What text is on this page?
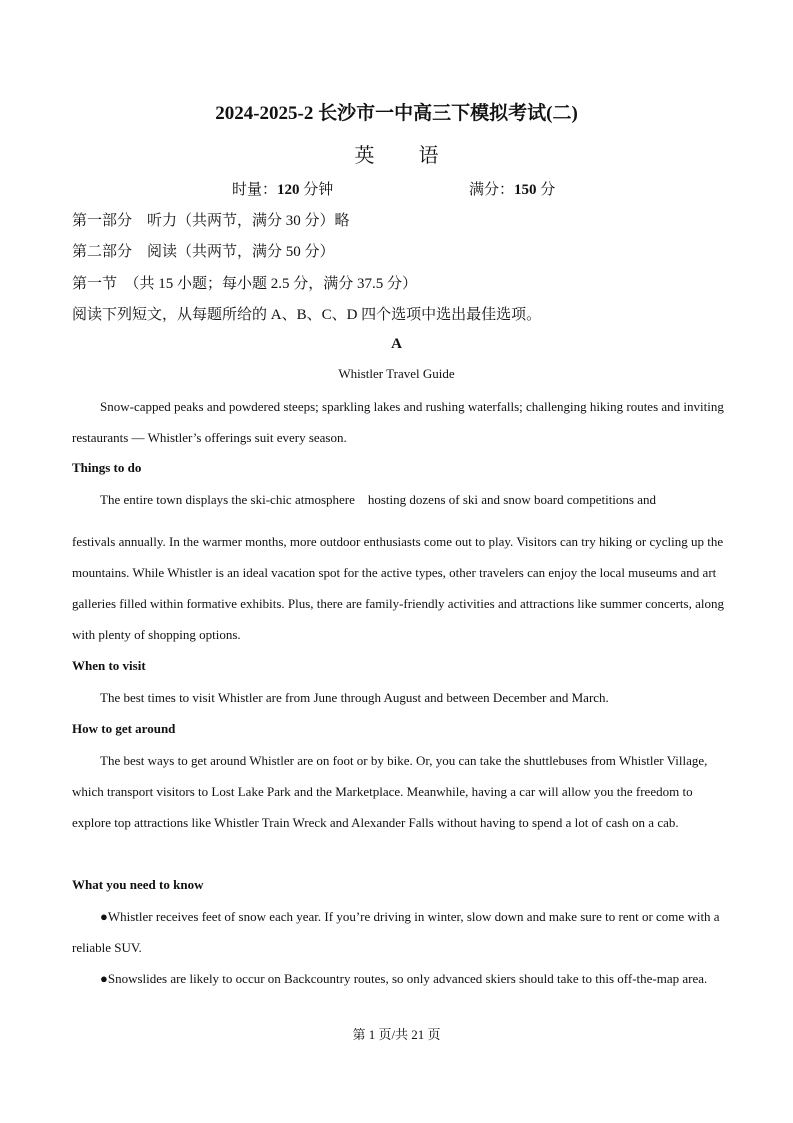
2024-2025-2 长沙市一中高三下模拟考试(二)
英语
时量：120 分钟	满分：150 分
第一部分　听力（共两节，满分 30 分）略
第二部分　阅读（共两节，满分 50 分）
第一节　（共 15 小题；每小题 2.5 分，满分 37.5 分）
阅读下列短文，从每题所给的 A、B、C、D 四个选项中选出最佳选项。
A
Whistler Travel Guide

Snow-capped peaks and powdered steeps; sparkling lakes and rushing waterfalls; challenging hiking routes and inviting restaurants — Whistler’s offerings suit every season.

Things to do

The entire town displays the ski-chic atmosphere　hosting dozens of ski and snow board competitions and

festivals annually. In the warmer months, more outdoor enthusiasts come out to play. Visitors can try hiking or cycling up the mountains. While Whistler is an ideal vacation spot for the active types, other travelers can enjoy the local museums and art galleries filled within formative exhibits. Plus, there are family-friendly activities and attractions like summer concerts, along with plenty of shopping options.

When to visit

The best times to visit Whistler are from June through August and between December and March.

How to get around

The best ways to get around Whistler are on foot or by bike. Or, you can take the shuttlebuses from Whistler Village, which transport visitors to Lost Lake Park and the Marketplace. Meanwhile, having a car will allow you the freedom to explore top attractions like Whistler Train Wreck and Alexander Falls without having to spend a lot of cash on a cab.

What you need to know

●Whistler receives feet of snow each year. If you’re driving in winter, slow down and make sure to rent or come with a reliable SUV.

●Snowslides are likely to occur on Backcountry routes, so only advanced skiers should take to this off-the-map area.

第 1 页/共 21 页
